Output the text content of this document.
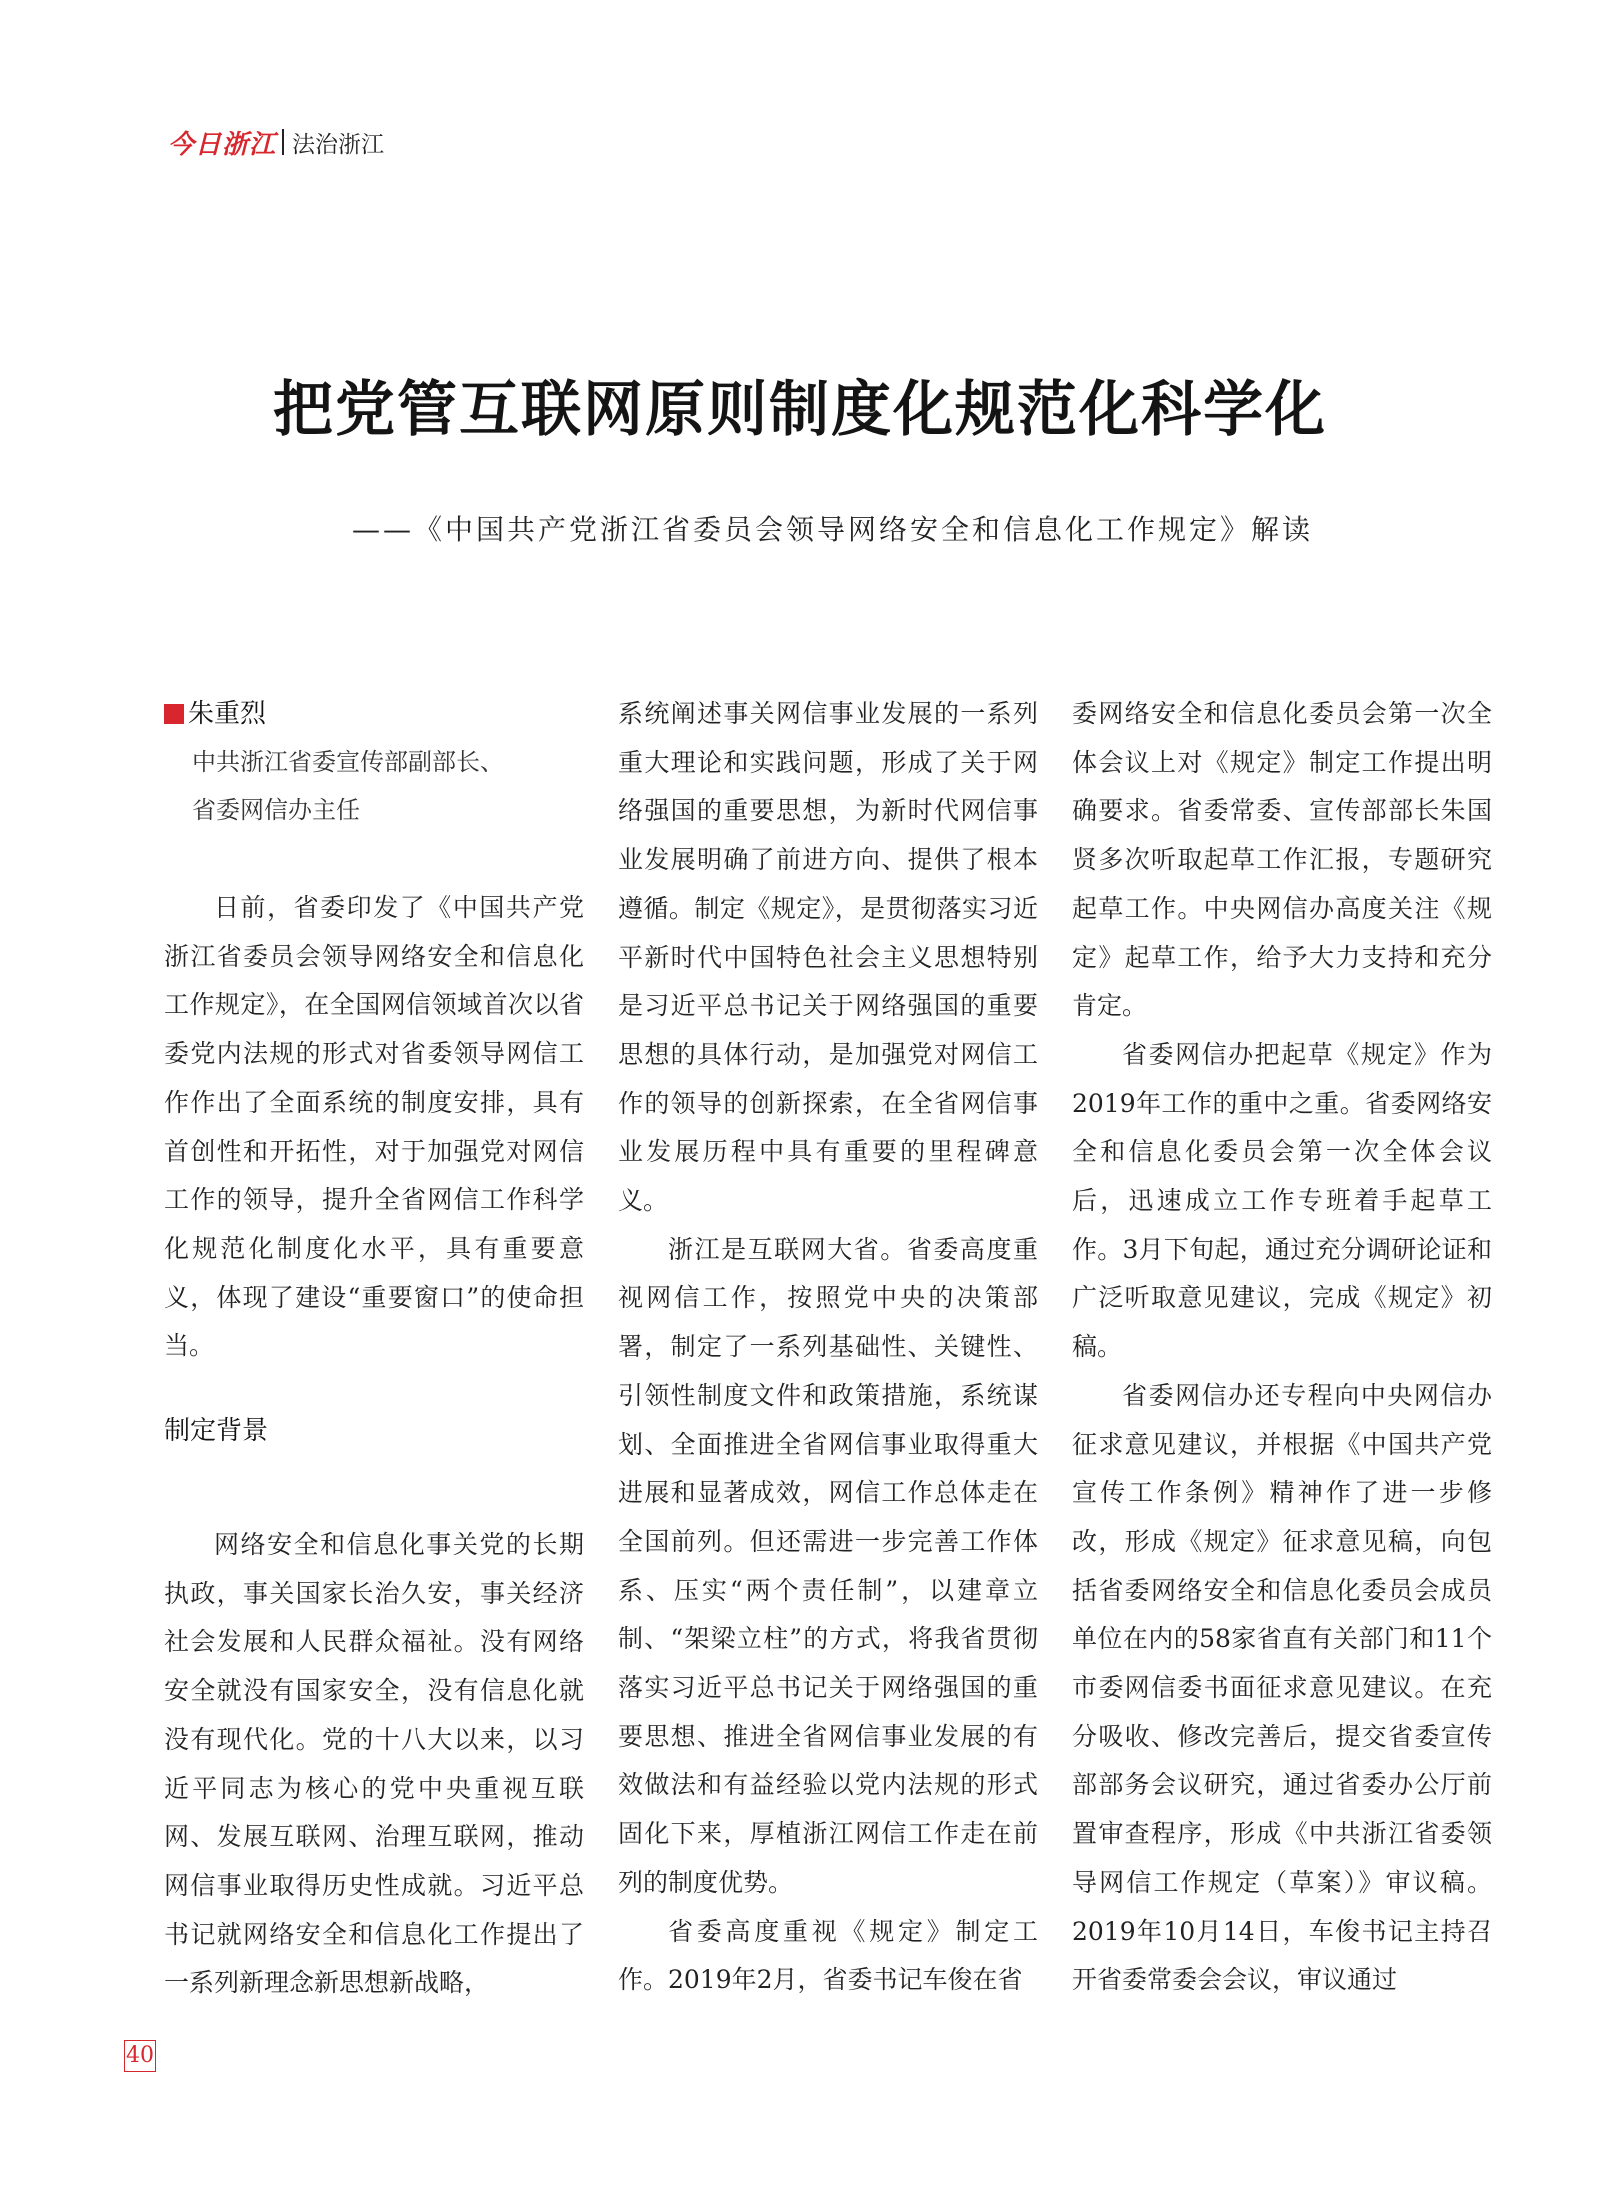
今日浙江 法治浙江
把党管互联网原则制度化规范化科学化
——《中国共产党浙江省委员会领导网络安全和信息化工作规定》解读
朱重烈
中共浙江省委宣传部副部长、
省委网信办主任

日前，省委印发了《中国共产党浙江省委员会领导网络安全和信息化工作规定》，在全国网信领域首次以省委党内法规的形式对省委领导网信工作作出了全面系统的制度安排，具有首创性和开拓性，对于加强党对网信工作的领导，提升全省网信工作科学化规范化制度化水平，具有重要意义，体现了建设“重要窗口”的使命担当。

制定背景

网络安全和信息化事关党的长期执政，事关国家长治久安，事关经济社会发展和人民群众福祉。没有网络安全就没有国家安全，没有信息化就没有现代化。党的十八大以来，以习近平同志为核心的党中央重视互联网、发展互联网、治理互联网，推动网信事业取得历史性成就。习近平总书记就网络安全和信息化工作提出了一系列新理念新思想新战略，

系统阐述事关网信事业发展的一系列重大理论和实践问题，形成了关于网络强国的重要思想，为新时代网信事业发展明确了前进方向、提供了根本遵循。制定《规定》，是贯彻落实习近平新时代中国特色社会主义思想特别是习近平总书记关于网络强国的重要思想的具体行动，是加强党对网信工作的领导的创新探索，在全省网信事业发展历程中具有重要的里程碑意义。

浙江是互联网大省。省委高度重视网信工作，按照党中央的决策部署，制定了一系列基础性、关键性、引领性制度文件和政策措施，系统谋划、全面推进全省网信事业取得重大进展和显著成效，网信工作总体走在全国前列。但还需进一步完善工作体系、压实“两个责任制”，以建章立制、“架梁立柱”的方式，将我省贯彻落实习近平总书记关于网络强国的重要思想、推进全省网信事业发展的有效做法和有益经验以党内法规的形式固化下来，厚植浙江网信工作走在前列的制度优势。

省委高度重视《规定》制定工作。2019年2月，省委书记车俊在省

委网络安全和信息化委员会第一次全体会议上对《规定》制定工作提出明确要求。省委常委、宣传部部长朱国贤多次听取起草工作汇报，专题研究起草工作。中央网信办高度关注《规定》起草工作，给予大力支持和充分肯定。

省委网信办把起草《规定》作为2019年工作的重中之重。省委网络安全和信息化委员会第一次全体会议后，迅速成立工作专班着手起草工作。3月下旬起，通过充分调研论证和广泛听取意见建议，完成《规定》初稿。

省委网信办还专程向中央网信办征求意见建议，并根据《中国共产党宣传工作条例》精神作了进一步修改，形成《规定》征求意见稿，向包括省委网络安全和信息化委员会成员单位在内的58家省直有关部门和11个市委网信委书面征求意见建议。在充分吸收、修改完善后，提交省委宣传部部务会议研究，通过省委办公厅前置审查程序，形成《中共浙江省委领导网信工作规定（草案）》审议稿。2019年10月14日，车俊书记主持召开省委常委会会议，审议通过

40
